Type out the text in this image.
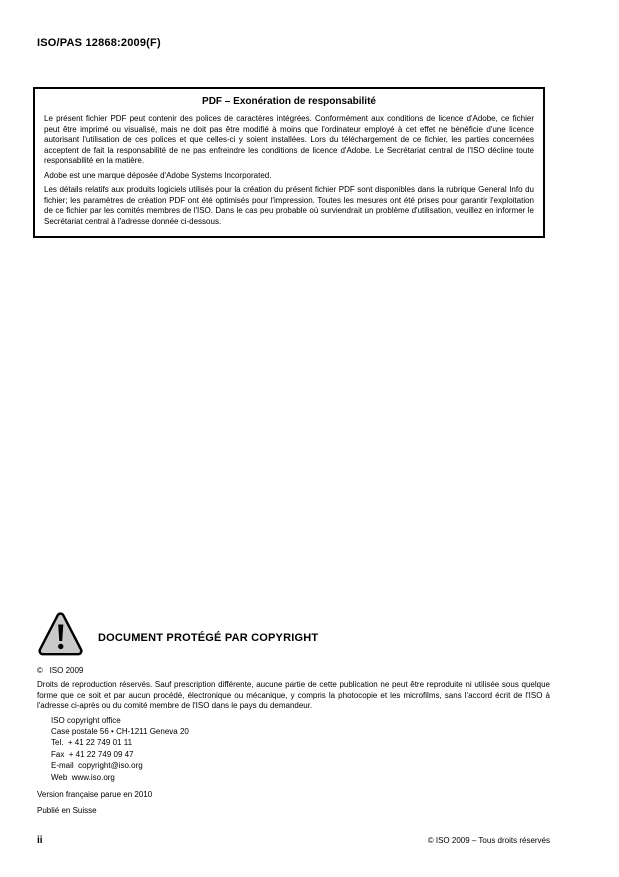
ISO/PAS 12868:2009(F)
PDF – Exonération de responsabilité

Le présent fichier PDF peut contenir des polices de caractères intégrées. Conformément aux conditions de licence d'Adobe, ce fichier peut être imprimé ou visualisé, mais ne doit pas être modifié à moins que l'ordinateur employé à cet effet ne bénéficie d'une licence autorisant l'utilisation de ces polices et que celles-ci y soient installées. Lors du téléchargement de ce fichier, les parties concernées acceptent de fait la responsabilité de ne pas enfreindre les conditions de licence d'Adobe. Le Secrétariat central de l'ISO décline toute responsabilité en la matière.

Adobe est une marque déposée d'Adobe Systems Incorporated.

Les détails relatifs aux produits logiciels utilisés pour la création du présent fichier PDF sont disponibles dans la rubrique General Info du fichier; les paramètres de création PDF ont été optimisés pour l'impression. Toutes les mesures ont été prises pour garantir l'exploitation de ce fichier par les comités membres de l'ISO. Dans le cas peu probable où surviendrait un problème d'utilisation, veuillez en informer le Secrétariat central à l'adresse donnée ci-dessous.

DOCUMENT PROTÉGÉ PAR COPYRIGHT
©   ISO 2009

Droits de reproduction réservés. Sauf prescription différente, aucune partie de cette publication ne peut être reproduite ni utilisée sous quelque forme que ce soit et par aucun procédé, électronique ou mécanique, y compris la photocopie et les microfilms, sans l'accord écrit de l'ISO à l'adresse ci-après ou du comité membre de l'ISO dans le pays du demandeur.

ISO copyright office
Case postale 56 • CH-1211 Geneva 20
Tel.  + 41 22 749 01 11
Fax  + 41 22 749 09 47
E-mail  copyright@iso.org
Web  www.iso.org
Version française parue en 2010
Publié en Suisse
ii	© ISO 2009 – Tous droits réservés
